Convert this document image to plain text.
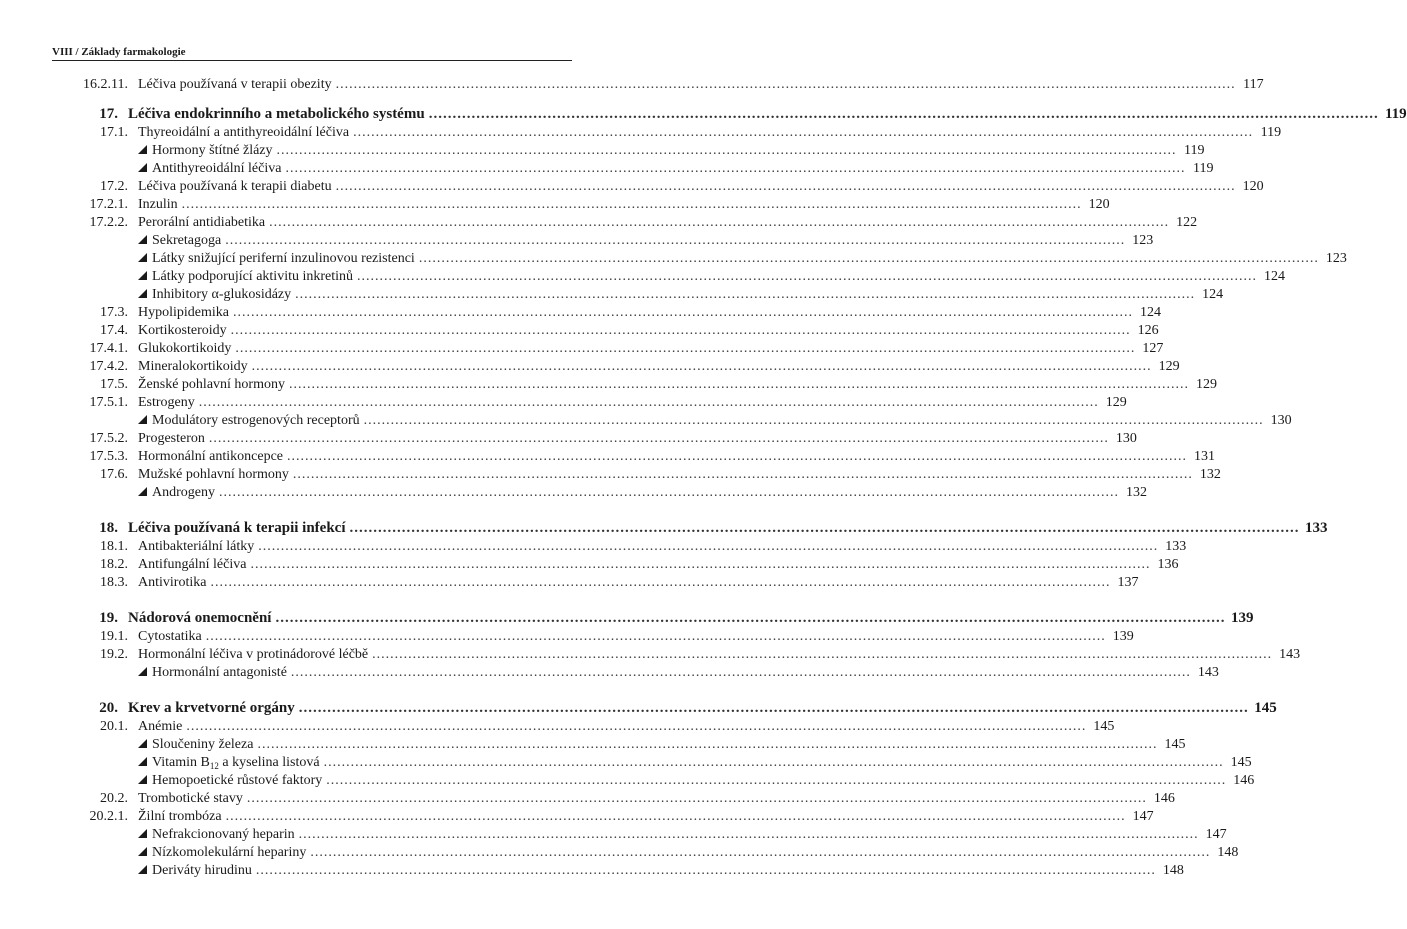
VIII / Základy farmakologie
16.2.11. Léčiva používaná v terapii obezity ........................................................................................................................................................................................................ 117
17. Léčiva endokrinního a metabolického systému ........................................................................................................................................................................................................ 119
17.1. Thyreoidální a antithyreoidální léčiva ........................................................................................................................................................................................................ 119
Hormony štítné žlázy ........................................................................................................................................................................................................ 119
Antithyreoidální léčiva ........................................................................................................................................................................................................ 119
17.2. Léčiva používaná k terapii diabetu ........................................................................................................................................................................................................ 120
17.2.1. Inzulin ........................................................................................................................................................................................................ 120
17.2.2. Perorální antidiabetika ........................................................................................................................................................................................................ 122
Sekretagoga ........................................................................................................................................................................................................ 123
Látky snižující periferní inzulinovou rezistenci ........................................................................................................................................................................................................ 123
Látky podporující aktivitu inkretinů ........................................................................................................................................................................................................ 124
Inhibitory α-glukosidázy ........................................................................................................................................................................................................ 124
17.3. Hypolipidemika ........................................................................................................................................................................................................ 124
17.4. Kortikosteroidy ........................................................................................................................................................................................................ 126
17.4.1. Glukokortikoidy ........................................................................................................................................................................................................ 127
17.4.2. Mineralokortikoidy ........................................................................................................................................................................................................ 129
17.5. Ženské pohlavní hormony ........................................................................................................................................................................................................ 129
17.5.1. Estrogeny ........................................................................................................................................................................................................ 129
Modulátory estrogenových receptorů ........................................................................................................................................................................................................ 130
17.5.2. Progesteron ........................................................................................................................................................................................................ 130
17.5.3. Hormonální antikoncepce ........................................................................................................................................................................................................ 131
17.6. Mužské pohlavní hormony ........................................................................................................................................................................................................ 132
Androgeny ........................................................................................................................................................................................................ 132
18. Léčiva používaná k terapii infekcí ........................................................................................................................................................................................................ 133
18.1. Antibakteriální látky ........................................................................................................................................................................................................ 133
18.2. Antifungální léčiva ........................................................................................................................................................................................................ 136
18.3. Antivirotika ........................................................................................................................................................................................................ 137
19. Nádorová onemocnění ........................................................................................................................................................................................................ 139
19.1. Cytostatika ........................................................................................................................................................................................................ 139
19.2. Hormonální léčiva v protinádorové léčbě ........................................................................................................................................................................................................ 143
Hormonální antagonisté ........................................................................................................................................................................................................ 143
20. Krev a krvetvorné orgány ........................................................................................................................................................................................................ 145
20.1. Anémie ........................................................................................................................................................................................................ 145
Sloučeniny železa ........................................................................................................................................................................................................ 145
Vitamin $B_{12}$ a kyselina listová ........................................................................................................................................................................................................ 145
Hemopoetické růstové faktory ........................................................................................................................................................................................................ 146
20.2. Trombotické stavy ........................................................................................................................................................................................................ 146
20.2.1. Žilní trombóza ........................................................................................................................................................................................................ 147
Nefrakcionovaný heparin ........................................................................................................................................................................................................ 147
Nízkomolekulární hepariny ........................................................................................................................................................................................................ 148
Deriváty hirudinu ........................................................................................................................................................................................................ 148
